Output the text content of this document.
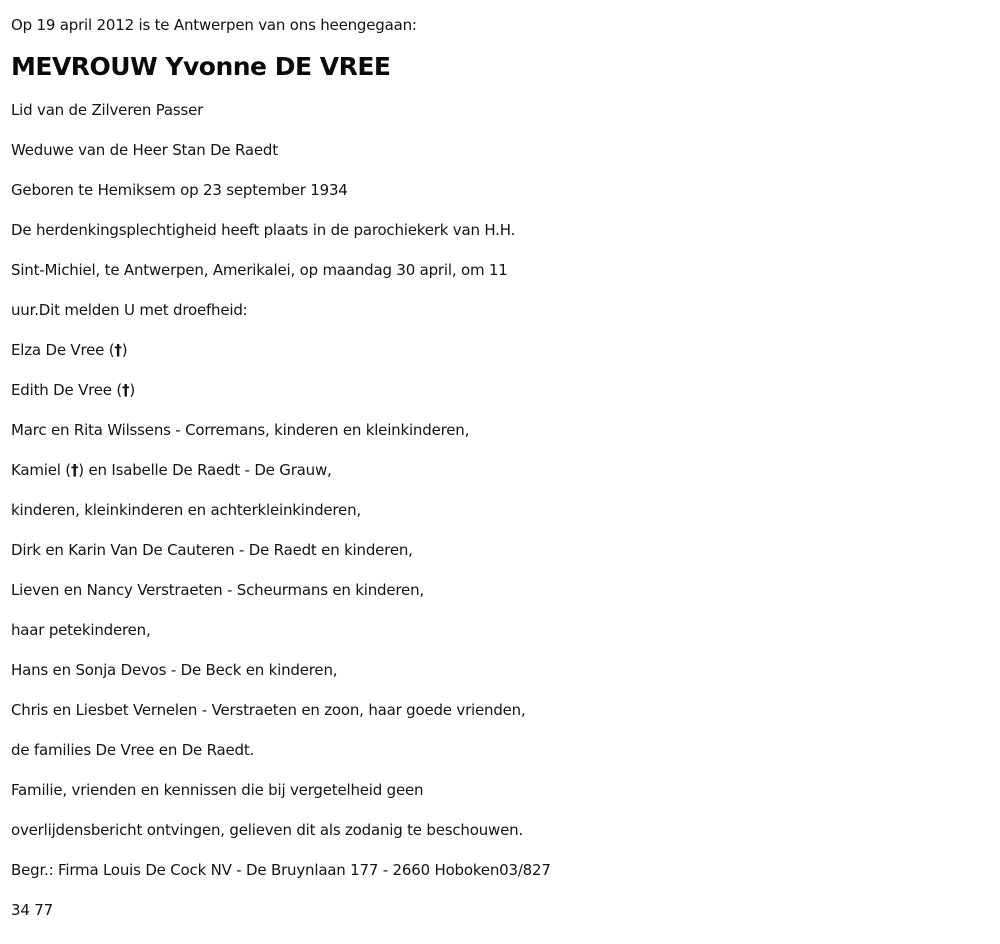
Op 19 april 2012 is te Antwerpen van ons heengegaan:
MEVROUW Yvonne DE VREE
Lid van de Zilveren Passer
Weduwe van de Heer Stan De Raedt
Geboren te Hemiksem op 23 september 1934
De herdenkingsplechtigheid heeft plaats in de parochiekerk van H.H.
Sint-Michiel, te Antwerpen, Amerikalei, op maandag 30 april, om 11
uur.Dit melden U met droefheid:
Elza De Vree (†)
Edith De Vree (†)
Marc en Rita Wilssens - Corremans, kinderen en kleinkinderen,
Kamiel (†) en Isabelle De Raedt - De Grauw,
kinderen, kleinkinderen en achterkleinkinderen,
Dirk en Karin Van De Cauteren - De Raedt en kinderen,
Lieven en Nancy Verstraeten - Scheurmans en kinderen,
haar petekinderen,
Hans en Sonja Devos - De Beck en kinderen,
Chris en Liesbet Vernelen - Verstraeten en zoon, haar goede vrienden,
de families De Vree en De Raedt.
Familie, vrienden en kennissen die bij vergetelheid geen
overlijdensbericht ontvingen, gelieven dit als zodanig te beschouwen.
Begr.: Firma Louis De Cock NV - De Bruynlaan 177 - 2660 Hoboken03/827
34 77
